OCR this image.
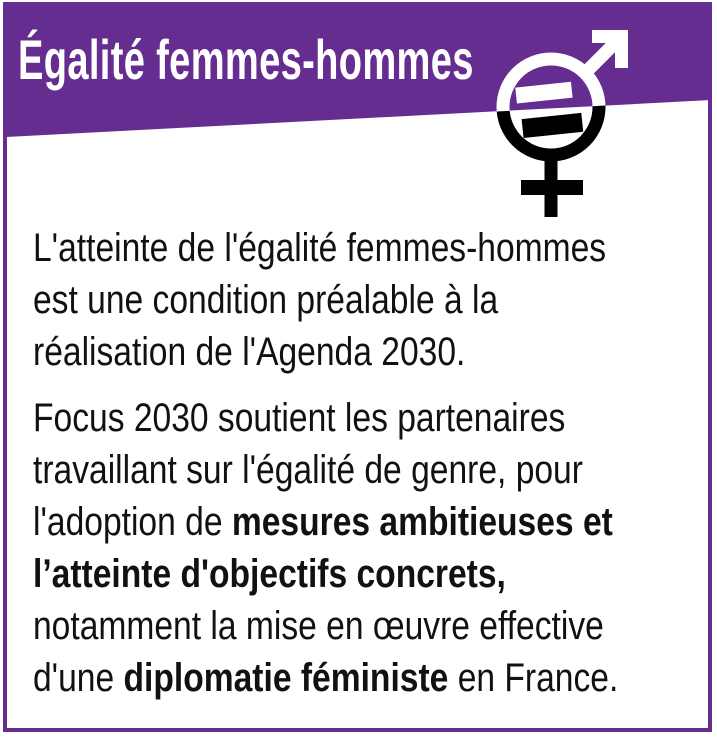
Égalité femmes-hommes
L'atteinte de l'égalité femmes-hommes
est une condition préalable à la
réalisation de l'Agenda 2030.
Focus 2030 soutient les partenaires
travaillant sur l'égalité de genre, pour
l'adoption de mesures ambitieuses et
l’atteinte d'objectifs concrets,
notamment la mise en œuvre effective
d'une diplomatie féministe en France.
